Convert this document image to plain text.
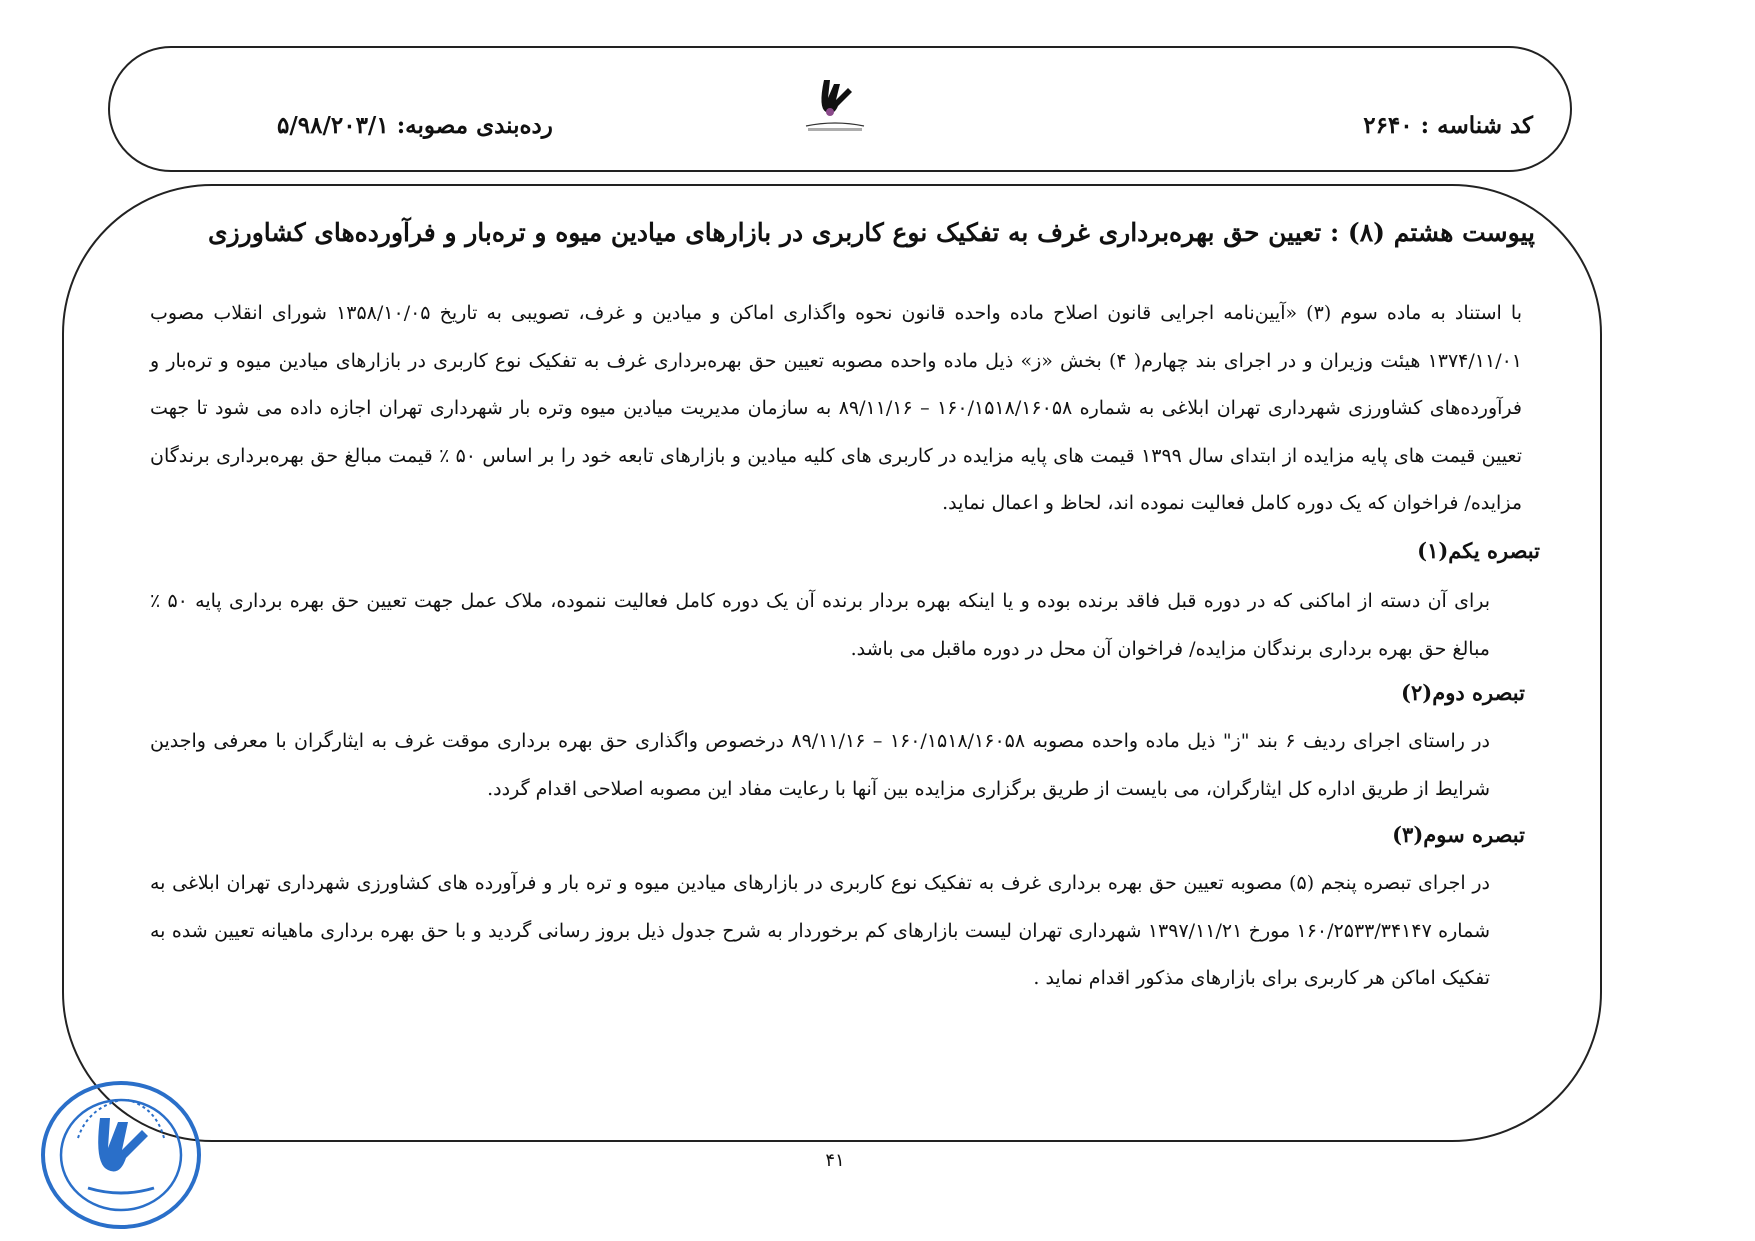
کد شناسه : ۲۶۴۰
رده‌بندی مصوبه: ۵/۹۸/۲۰۳/۱
پیوست هشتم (۸) : تعیین حق بهره‌برداری غرف به تفکیک نوع کاربری در بازارهای میادین میوه و تره‌بار و فرآورده‌های کشاورزی
با استناد به ماده سوم (۳) «آیین‌نامه اجرایی قانون اصلاح ماده واحده قانون نحوه واگذاری اماکن و میادین و غرف، تصویبی به تاریخ ۱۳۵۸/۱۰/۰۵ شورای انقلاب مصوب ۱۳۷۴/۱۱/۰۱ هیئت وزیران و در اجرای بند چهارم( ۴) بخش «ز» ذیل ماده واحده مصوبه تعیین حق بهره‌برداری غرف به تفکیک نوع کاربری در بازارهای میادین میوه و تره‌بار و فرآورده‌های کشاورزی شهرداری تهران ابلاغی به شماره ۱۶۰/۱۵۱۸/۱۶۰۵۸ – ۸۹/۱۱/۱۶ به سازمان مدیریت میادین میوه وتره بار شهرداری تهران اجازه داده می شود تا جهت تعیین قیمت های پایه مزایده از ابتدای سال ۱۳۹۹ قیمت های پایه مزایده در کاربری های کلیه میادین و بازارهای تابعه خود را بر اساس ۵۰ ٪ قیمت مبالغ حق بهره‌برداری برندگان مزایده/ فراخوان که یک دوره کامل فعالیت نموده اند، لحاظ و اعمال نماید.
تبصره یکم(۱)
برای آن دسته از اماکنی که در دوره قبل فاقد برنده بوده و یا اینکه بهره بردار برنده آن یک دوره کامل فعالیت ننموده، ملاک عمل جهت تعیین حق بهره برداری پایه ۵۰ ٪ مبالغ حق بهره برداری برندگان مزایده/ فراخوان آن محل در دوره ماقبل می باشد.
تبصره دوم(۲)
در راستای اجرای ردیف ۶ بند "ز" ذیل ماده واحده مصوبه ۱۶۰/۱۵۱۸/۱۶۰۵۸ – ۸۹/۱۱/۱۶ درخصوص واگذاری حق بهره برداری موقت غرف به ایثارگران با معرفی واجدین شرایط از طریق اداره کل ایثارگران، می بایست از طریق برگزاری مزایده بین آنها با رعایت مفاد این مصوبه اصلاحی اقدام گردد.
تبصره سوم(۳)
در اجرای تبصره پنجم (۵) مصوبه تعیین حق بهره برداری غرف به تفکیک نوع کاربری در بازارهای میادین میوه و تره بار و فرآورده های کشاورزی شهرداری تهران ابلاغی به شماره ۱۶۰/۲۵۳۳/۳۴۱۴۷ مورخ ۱۳۹۷/۱۱/۲۱ شهرداری تهران لیست بازارهای کم برخوردار به شرح جدول ذیل بروز رسانی گردید و با حق بهره برداری ماهیانه تعیین شده به تفکیک اماکن هر کاربری برای بازارهای مذکور اقدام نماید .
۴۱
